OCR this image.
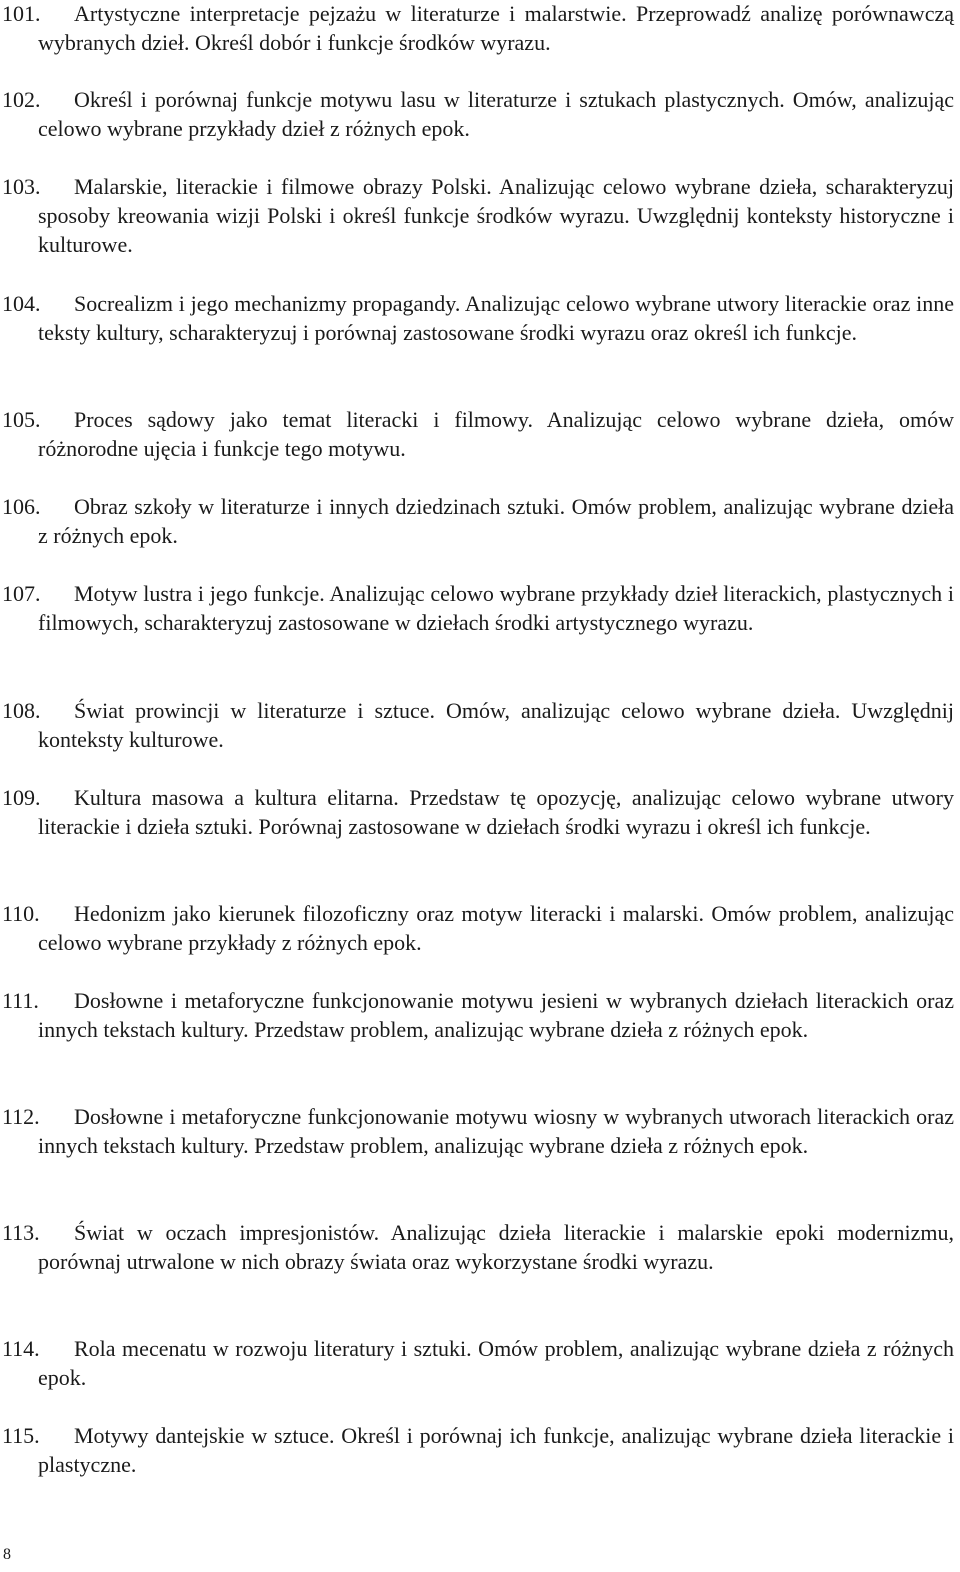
101.	Artystyczne interpretacje pejzażu w literaturze i malarstwie. Przeprowadź analizę porównawczą wybranych dzieł. Określ dobór i funkcje środków wyrazu.
102.	Określ i porównaj funkcje motywu lasu w literaturze i sztukach plastycznych. Omów, analizując celowo wybrane przykłady dzieł z różnych epok.
103.	Malarskie, literackie i filmowe obrazy Polski. Analizując celowo wybrane dzieła, scharakteryzuj sposoby kreowania wizji Polski i określ funkcje środków wyrazu. Uwzględnij konteksty historyczne i kulturowe.
104.	Socrealizm i jego mechanizmy propagandy. Analizując celowo wybrane utwory literackie oraz inne teksty kultury, scharakteryzuj i porównaj zastosowane środki wyrazu oraz określ ich funkcje.
105.	Proces sądowy jako temat literacki i filmowy. Analizując celowo wybrane dzieła, omów różnorodne ujęcia i funkcje tego motywu.
106.	Obraz szkoły w literaturze i innych dziedzinach sztuki. Omów problem, analizując wybrane dzieła z różnych epok.
107.	Motyw lustra i jego funkcje. Analizując celowo wybrane przykłady dzieł literackich, plastycznych i filmowych, scharakteryzuj zastosowane w dziełach środki artystycznego wyrazu.
108.	Świat prowincji w literaturze i sztuce. Omów, analizując celowo wybrane dzieła. Uwzględnij konteksty kulturowe.
109.	Kultura masowa a kultura elitarna. Przedstaw tę opozycję, analizując celowo wybrane utwory literackie i dzieła sztuki. Porównaj zastosowane w dziełach środki wyrazu i określ ich funkcje.
110.	Hedonizm jako kierunek filozoficzny oraz motyw literacki i malarski. Omów problem, analizując celowo wybrane przykłady z różnych epok.
111.	Dosłowne i metaforyczne funkcjonowanie motywu jesieni w wybranych dziełach literackich oraz innych tekstach kultury. Przedstaw problem, analizując wybrane dzieła z różnych epok.
112.	Dosłowne i metaforyczne funkcjonowanie motywu wiosny w wybranych utworach literackich oraz innych tekstach kultury. Przedstaw problem, analizując wybrane dzieła z różnych epok.
113.	Świat w oczach impresjonistów. Analizując dzieła literackie i malarskie epoki modernizmu, porównaj utrwalone w nich obrazy świata oraz wykorzystane środki wyrazu.
114.	Rola mecenatu w rozwoju literatury i sztuki. Omów problem, analizując wybrane dzieła z różnych epok.
115.	Motywy dantejskie w sztuce. Określ i porównaj ich funkcje, analizując wybrane dzieła literackie i plastyczne.
8
